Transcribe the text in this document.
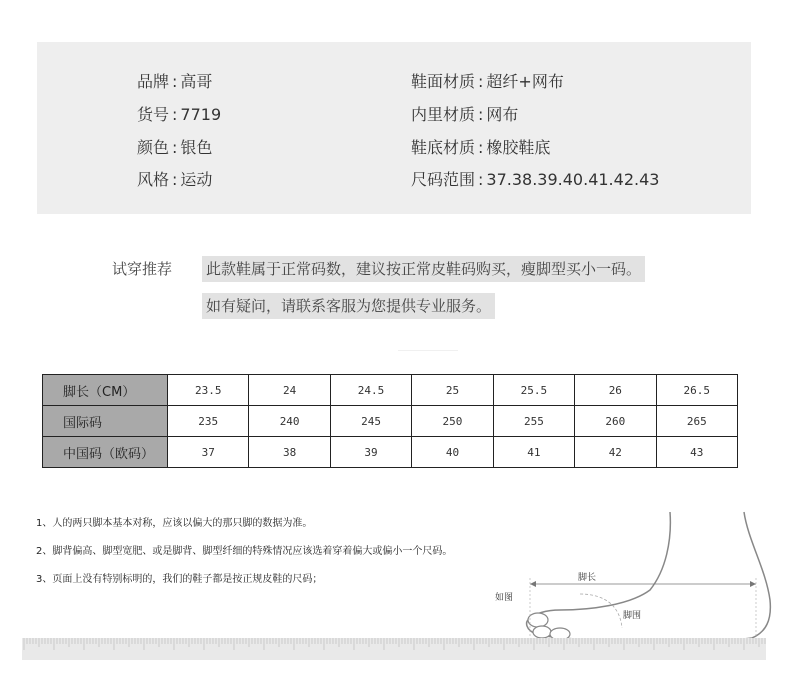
品牌 : 高哥
货号 : 7719
颜色 : 银色
风格 : 运动
鞋面材质 : 超纤+网布
内里材质 : 网布
鞋底材质 : 橡胶鞋底
尺码范围 : 37.38.39.40.41.42.43
试穿推荐 此款鞋属于正常码数，建议按正常皮鞋码购买，瘦脚型买小一码。
如有疑问，请联系客服为您提供专业服务。
脚长（CM）	23.5	24	24.5	25	25.5	26	26.5
国际码	235	240	245	250	255	260	265
中国码（欧码）	37	38	39	40	41	42	43
1、人的两只脚本基本对称，应该以偏大的那只脚的数据为准。
2、脚背偏高、脚型宽肥、或是脚背、脚型纤细的特殊情况应该选着穿着偏大或偏小一个尺码。
3、页面上没有特别标明的，我们的鞋子都是按正规皮鞋的尺码；	脚长
如图
脚围
